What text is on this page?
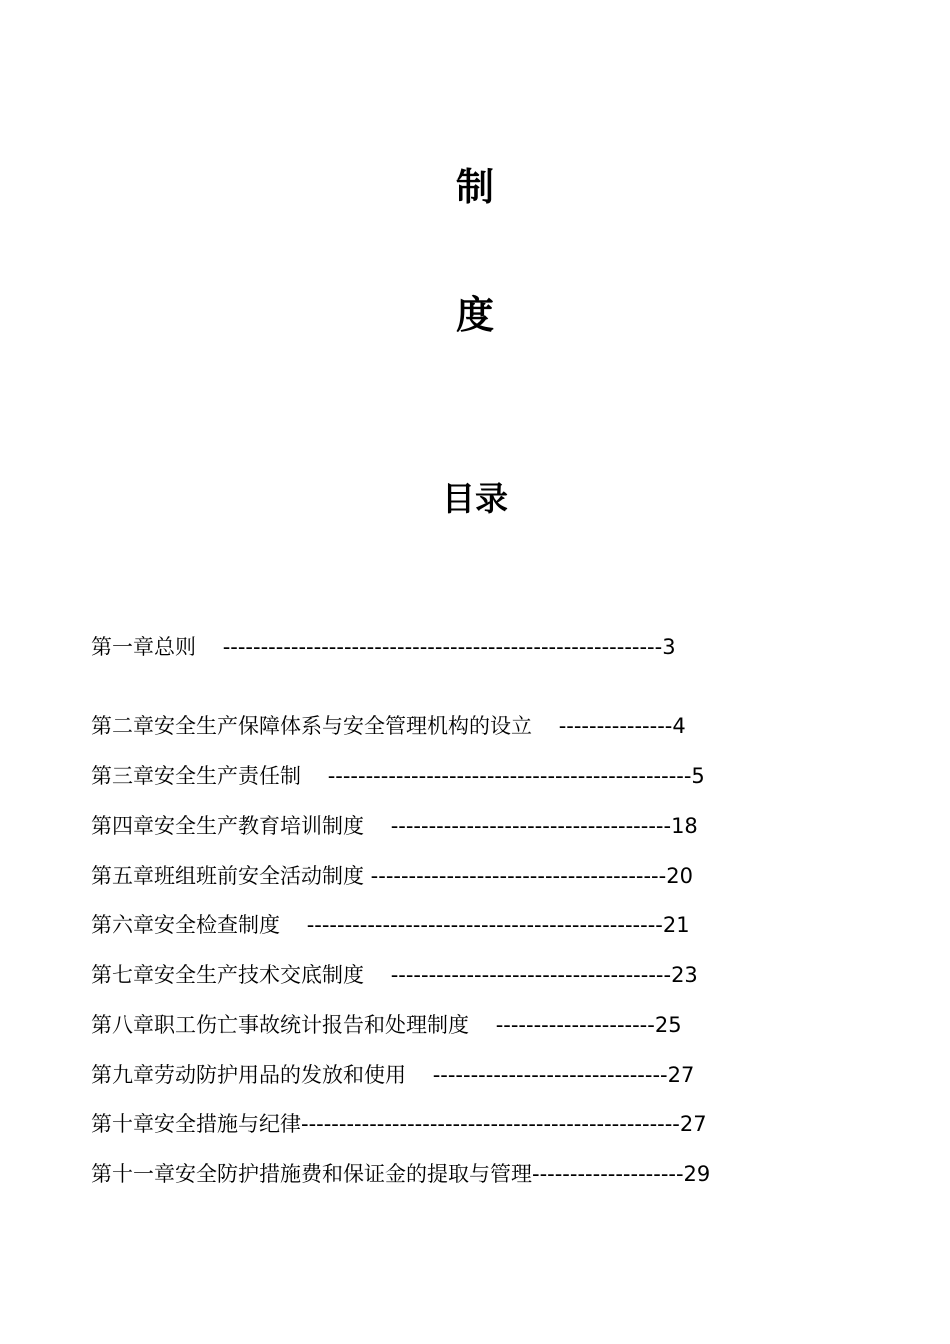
制
度
目录
第一章总则    ----------------------------------------------------------3
第二章安全生产保障体系与安全管理机构的设立    ---------------4
第三章安全生产责任制    ------------------------------------------------5
第四章安全生产教育培训制度    -------------------------------------18
第五章班组班前安全活动制度 ---------------------------------------20
第六章安全检查制度    -----------------------------------------------21
第七章安全生产技术交底制度    -------------------------------------23
第八章职工伤亡事故统计报告和处理制度    ---------------------25
第九章劳动防护用品的发放和使用    -------------------------------27
第十章安全措施与纪律--------------------------------------------------27
第十一章安全防护措施费和保证金的提取与管理--------------------29
